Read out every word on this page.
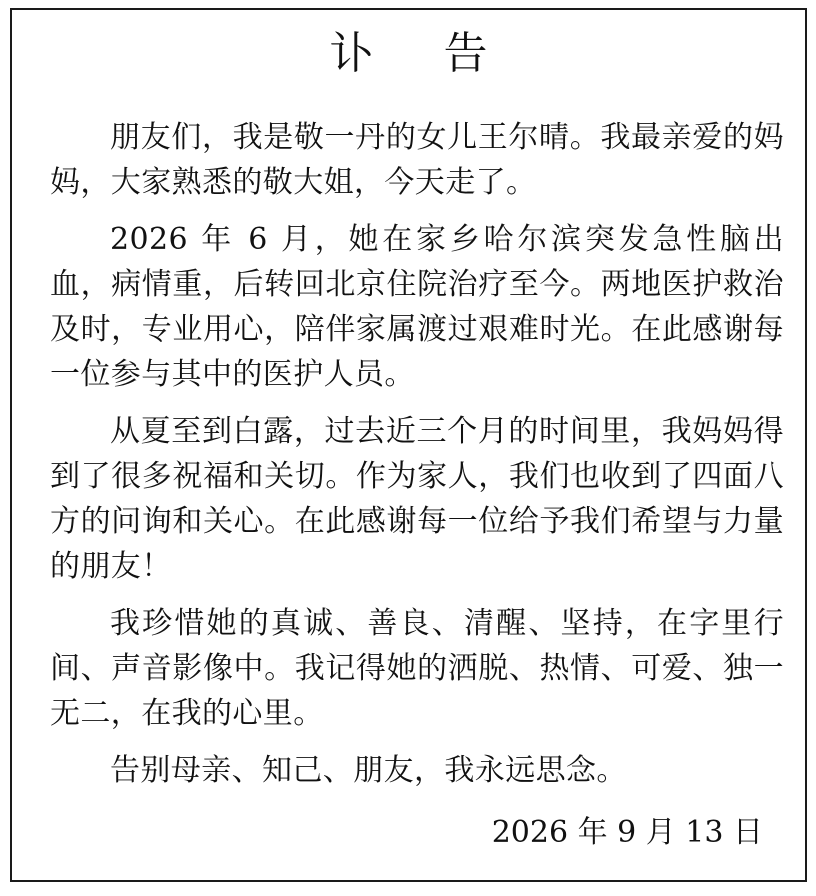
讣 告

朋友们，我是敬一丹的女儿王尔晴。我最亲爱的妈妈，大家熟悉的敬大姐，今天走了。

2026 年 6 月，她在家乡哈尔滨突发急性脑出血，病情重，后转回北京住院治疗至今。两地医护救治及时，专业用心，陪伴家属渡过艰难时光。在此感谢每一位参与其中的医护人员。

从夏至到白露，过去近三个月的时间里，我妈妈得到了很多祝福和关切。作为家人，我们也收到了四面八方的问询和关心。在此感谢每一位给予我们希望与力量的朋友！

我珍惜她的真诚、善良、清醒、坚持，在字里行间、声音影像中。我记得她的洒脱、热情、可爱、独一无二，在我的心里。

告别母亲、知己、朋友，我永远思念。

2026 年 9 月 13 日
